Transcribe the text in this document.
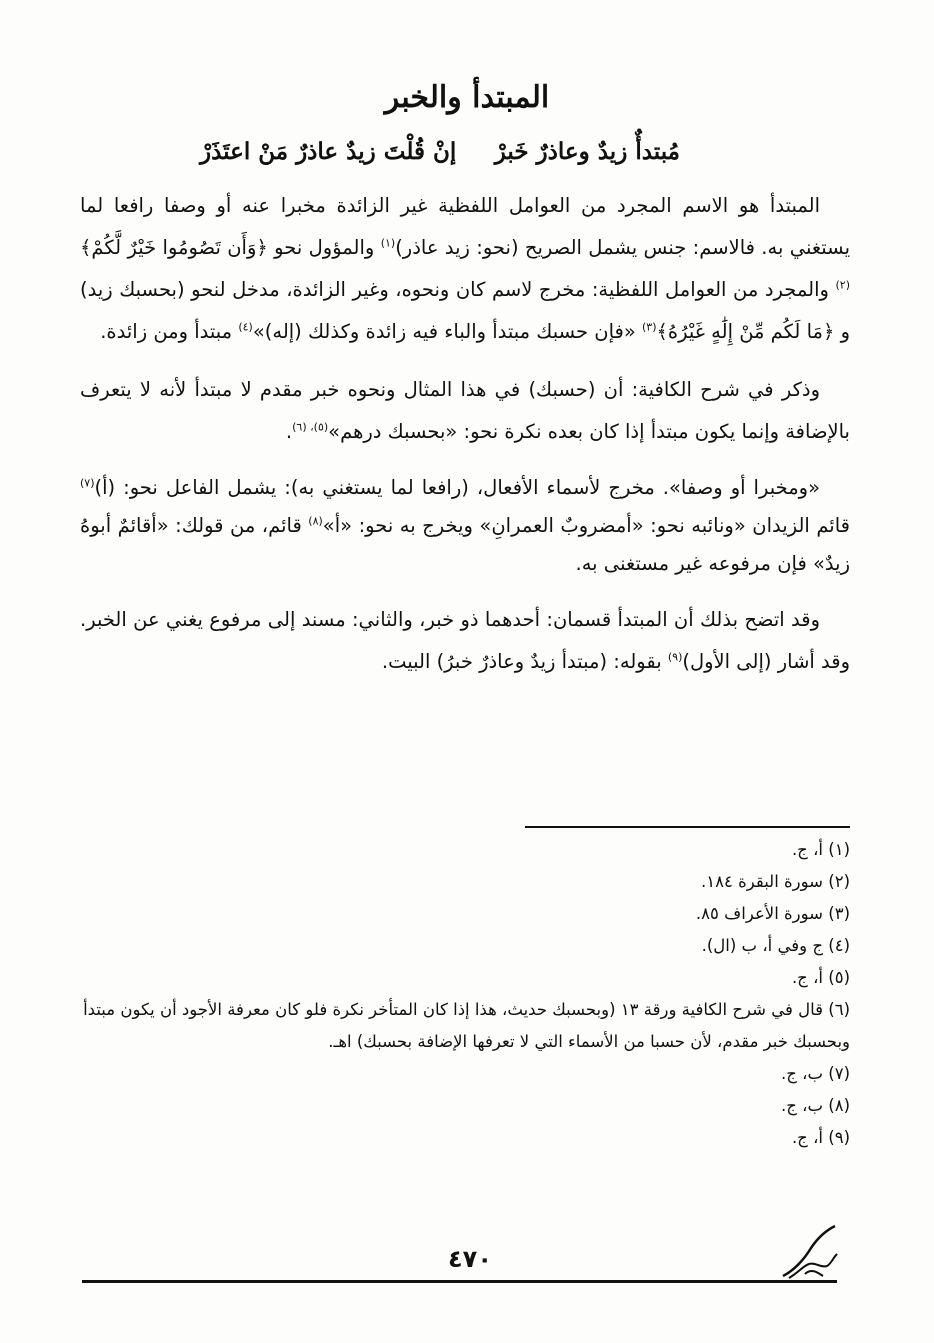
المبتدأ والخبر
مُبتدأٌ زيدٌ وعاذرٌ خَبرْ
إنْ قُلْتَ زيدٌ عاذرٌ مَنْ اعتَذَرْ

المبتدأ هو الاسم المجرد من العوامل اللفظية غير الزائدة مخبرا عنه أو وصفا رافعا لما يستغني به. فالاسم: جنس يشمل الصريح (نحو: زيد عاذر)$^{(١)}$ والمؤول نحو ﴿وَأَن تَصُومُوا خَيْرٌ لَّكُمْ﴾$^{(٢)}$ والمجرد من العوامل اللفظية: مخرج لاسم كان ونحوه، وغير الزائدة، مدخل لنحو (بحسبك زيد) و ﴿مَا لَكُم مِّنْ إِلَٰهٍ غَيْرُهُ﴾$^{(٣)}$ «فإن حسبك مبتدأ والباء فيه زائدة وكذلك (إله)»$^{(٤)}$ مبتدأ ومن زائدة.

وذكر في شرح الكافية: أن (حسبك) في هذا المثال ونحوه خبر مقدم لا مبتدأ لأنه لا يتعرف بالإضافة وإنما يكون مبتدأ إذا كان بعده نكرة نحو: «بحسبك درهم»$^{(٥)، (٦)}$.

«ومخبرا أو وصفا». مخرج لأسماء الأفعال، (رافعا لما يستغني به): يشمل الفاعل نحو: (أ)$^{(٧)}$ قائم الزيدان «ونائبه نحو: «أمضروبٌ العمرانِ» ويخرج به نحو: «أ»$^{(٨)}$ قائم، من قولك: «أقائمٌ أبوهُ زيدٌ» فإن مرفوعه غير مستغنى به.

وقد اتضح بذلك أن المبتدأ قسمان: أحدهما ذو خبر، والثاني: مسند إلى مرفوع يغني عن الخبر. وقد أشار (إلى الأول)$^{(٩)}$ بقوله: (مبتدأ زيدٌ وعاذرٌ خبرُ) البيت.

(١) أ، ج.
(٢) سورة البقرة ١٨٤.
(٣) سورة الأعراف ٨٥.
(٤) ج وفي أ، ب (ال).
(٥) أ، ج.
(٦) قال في شرح الكافية ورقة ١٣ (وبحسبك حديث، هذا إذا كان المتأخر نكرة فلو كان معرفة الأجود أن يكون مبتدأ وبحسبك خبر مقدم، لأن حسبا من الأسماء التي لا تعرفها الإضافة بحسبك) اهـ.
(٧) ب، ج.
(٨) ب، ج.
(٩) أ، ج.
٤٧٠
